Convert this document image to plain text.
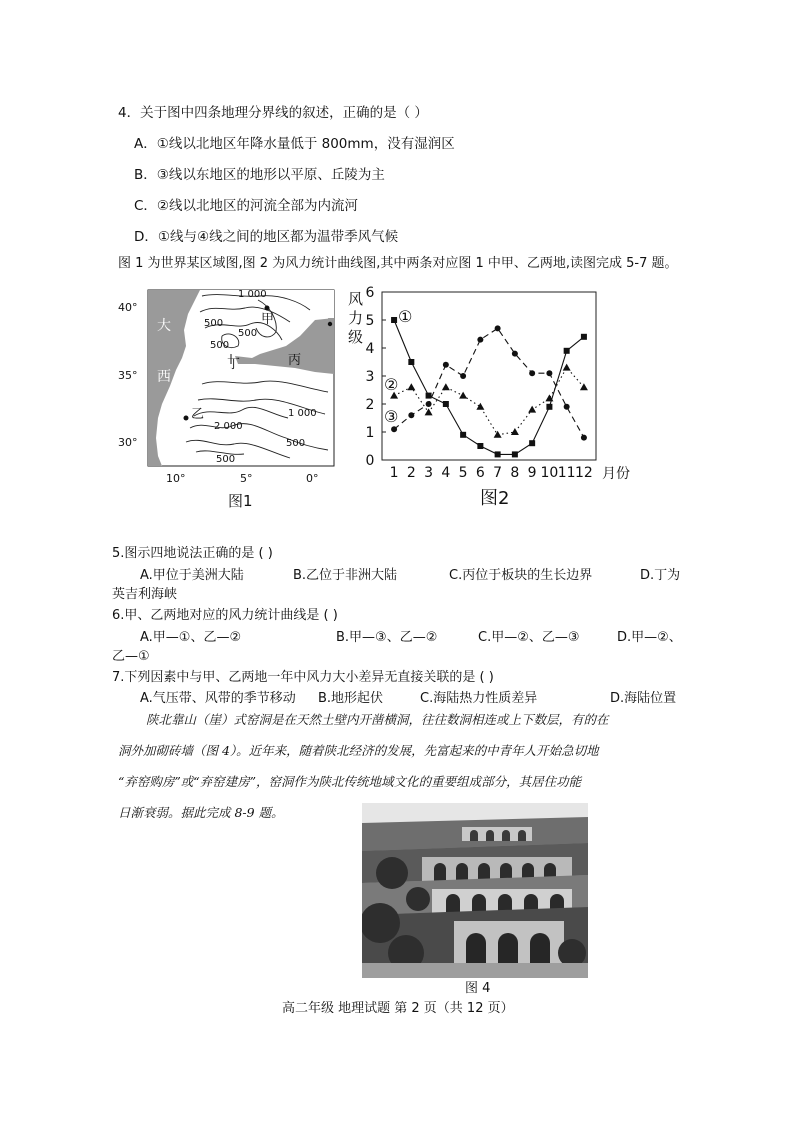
4．关于图中四条地理分界线的叙述，正确的是（ ）
A．①线以北地区年降水量低于 800mm，没有湿润区
B．③线以东地区的地形以平原、丘陵为主
C．②线以北地区的河流全部为内流河
D．①线与④线之间的地区都为温带季风气候
图 1 为世界某区域图,图 2 为风力统计曲线图,其中两条对应图 1 中甲、乙两地,读图完成 5-7 题。
1 000
500
500
500
1 000
2 000
500
500
甲
乙
丙
丁
大
西
洋
40°
35°
30°
10°	5°	0°
图1
0
1
2
3
4
5
6
1 2 3 4 5 6 7 8 9 10 11 12
风
力
级
月份
①
②
③
图2
5.图示四地说法正确的是 ( )
A.甲位于美洲大陆	B.乙位于非洲大陆	C.丙位于板块的生长边界	D.丁为
英吉利海峡
6.甲、乙两地对应的风力统计曲线是 ( )
A.甲—①、乙—②	B.甲—③、乙—②	C.甲—②、乙—③	D.甲—②、
乙—①
7.下列因素中与甲、乙两地一年中风力大小差异无直接关联的是 ( )
A.气压带、风带的季节移动 B.地形起伏	C.海陆热力性质差异	D.海陆位置
陕北靠山（崖）式窑洞是在天然土壁内开凿横洞，往往数洞相连或上下数层，有的在
洞外加砌砖墙（图 4）。近年来，随着陕北经济的发展，先富起来的中青年人开始急切地
“弃窑购房”或“弃窑建房”，窑洞作为陕北传统地域文化的重要组成部分，其居住功能
日渐衰弱。据此完成 8-9 题。
图 4
高二年级 地理试题 第 2 页（共 12 页）
